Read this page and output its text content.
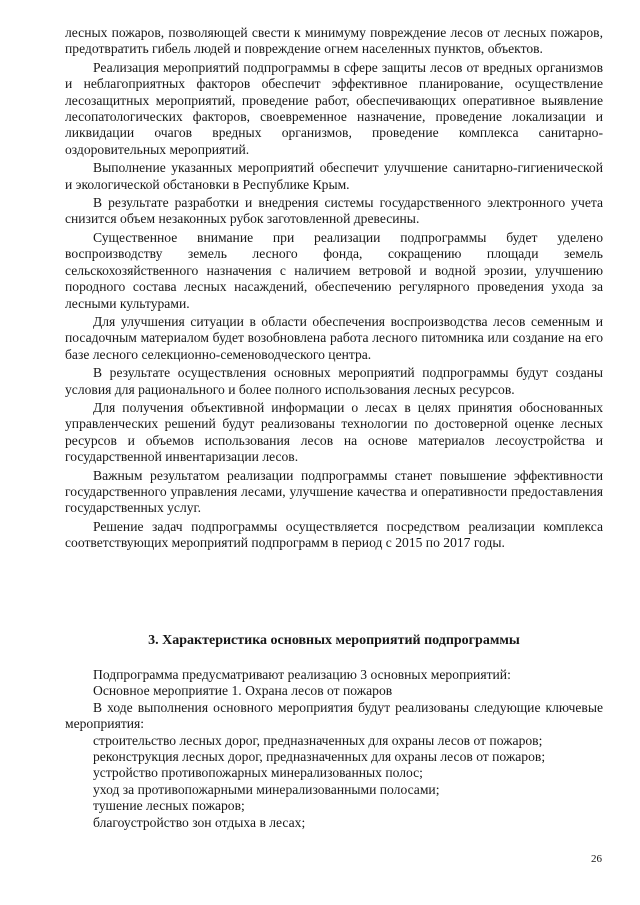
лесных пожаров, позволяющей свести к минимуму повреждение лесов от лесных пожаров, предотвратить гибель людей и повреждение огнем населенных пунктов, объектов.

Реализация мероприятий подпрограммы в сфере защиты лесов от вредных организмов и неблагоприятных факторов обеспечит эффективное планирование, осуществление лесозащитных мероприятий, проведение работ, обеспечивающих оперативное выявление лесопатологических факторов, своевременное назначение, проведение локализации и ликвидации очагов вредных организмов, проведение комплекса санитарно-оздоровительных мероприятий.

Выполнение указанных мероприятий обеспечит улучшение санитарно-гигиенической и экологической обстановки в Республике Крым.

В результате разработки и внедрения системы государственного электронного учета снизится объем незаконных рубок заготовленной древесины.

Существенное внимание при реализации подпрограммы будет уделено воспроизводству земель лесного фонда, сокращению площади земель сельскохозяйственного назначения с наличием ветровой и водной эрозии, улучшению породного состава лесных насаждений, обеспечению регулярного проведения ухода за лесными культурами.

Для улучшения ситуации в области обеспечения воспроизводства лесов семенным и посадочным материалом будет возобновлена работа лесного питомника или создание на его базе лесного селекционно-семеноводческого центра.

В результате осуществления основных мероприятий подпрограммы будут созданы условия для рационального и более полного использования лесных ресурсов.

Для получения объективной информации о лесах в целях принятия обоснованных управленческих решений будут реализованы технологии по достоверной оценке лесных ресурсов и объемов использования лесов на основе материалов лесоустройства и государственной инвентаризации лесов.

Важным результатом реализации подпрограммы станет повышение эффективности государственного управления лесами, улучшение качества и оперативности предоставления государственных услуг.

Решение задач подпрограммы осуществляется посредством реализации комплекса соответствующих мероприятий подпрограмм в период с 2015 по 2017 годы.

3. Характеристика основных мероприятий подпрограммы

Подпрограмма предусматривают реализацию 3 основных мероприятий:

Основное мероприятие 1. Охрана лесов от пожаров

В ходе выполнения основного мероприятия будут реализованы следующие ключевые мероприятия:

строительство лесных дорог, предназначенных для охраны лесов от пожаров;
реконструкция лесных дорог, предназначенных для охраны лесов от пожаров;
устройство противопожарных минерализованных полос;
уход за противопожарными минерализованными полосами;
тушение лесных пожаров;
благоустройство зон отдыха в лесах;
26
